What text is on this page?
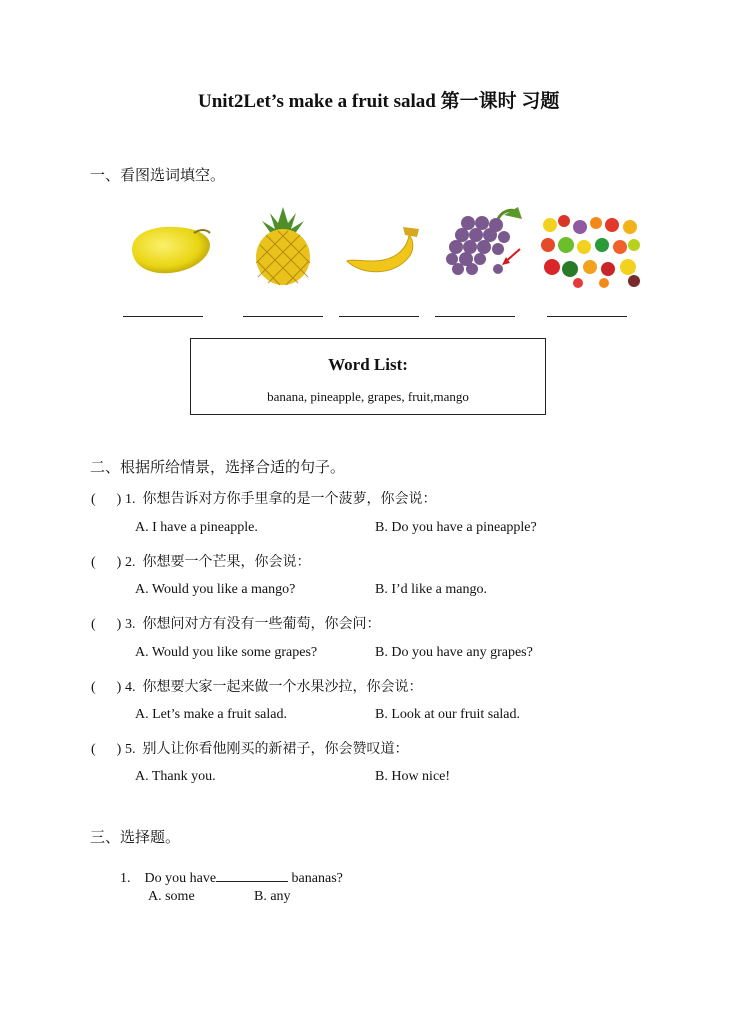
Unit2Let’s make a fruit salad 第一课时 习题
一、看图选词填空。
Word List:
banana, pineapple, grapes, fruit,mango
二、根据所给情景，选择合适的句子。
(      ) 1. 你想告诉对方你手里拿的是一个菠萝，你会说：
A. I have a pineapple.	B. Do you have a pineapple?
(      ) 2. 你想要一个芒果，你会说：
A. Would you like a mango?	B. I’d like a mango.
(      ) 3. 你想问对方有没有一些葡萄，你会问：
A. Would you like some grapes?	B. Do you have any grapes?
(      ) 4. 你想要大家一起来做一个水果沙拉，你会说：
A. Let’s make a fruit salad.	B. Look at our fruit salad.
(      ) 5. 别人让你看他刚买的新裙子，你会赞叹道：
A. Thank you.	B. How nice!
三、选择题。
1. Do you have	bananas?
A. some	B. any
